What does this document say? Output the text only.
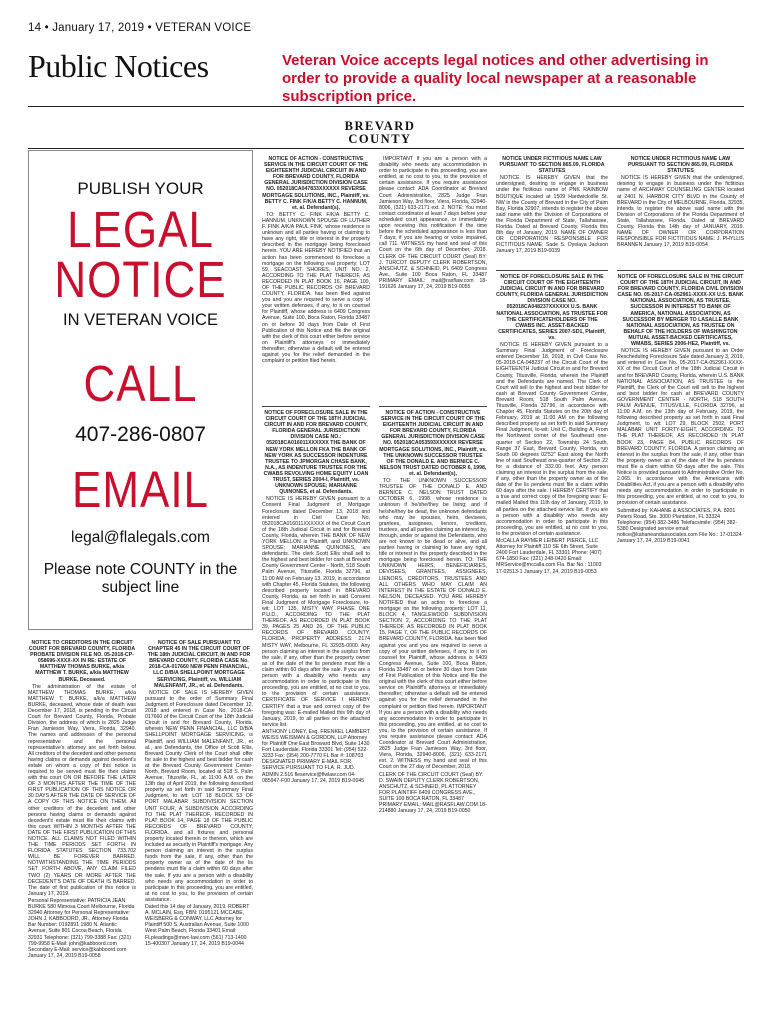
14 • January 17, 2019 • VETERAN VOICE
Public Notices	Veteran Voice accepts legal notices and other advertising in order to provide a quality local newspaper at a reasonable subscription price.
BREVARD
COUNTY
PUBLISH YOUR
LEGAL
NOTICE
IN VETERAN VOICE
CALL
407-286-0807
EMAIL
legal@flalegals.com
Please note COUNTY in the subject line
NOTICE TO CREDITORS IN THE CIRCUIT COURT FOR BREVARD COUNTY, FLORIDA PROBATE DIVISION FILE NO. 05-2018-CP-058696-XXXX-XX IN RE: ESTATE OF MATTHEW THOMAS BURKE, a/k/a MATTHEW T. BURKE, a/k/a MATTHEW BURKE, Deceased.

The administration of the estate of MATTHEW THOMAS BURKE, a/k/a MATTHEW T. BURKE, a/k/a MATTHEW BURKE, deceased, whose date of death was December 17, 2018, is pending in the Circuit Court for Brevard County, Florida, Probate Division, the address of which is 2825 Judge Fran Jamieson Way, Viera, Florida, 32940. The names and addresses of the personal representative and the personal representative's attorney are set forth below. All creditors of the decedent and other persons having claims or demands against decedent's estate on whom a copy of this notice is required to be served must file their claims with this court ON OR BEFORE THE LATER OF 3 MONTHS AFTER THE TIME OF THE FIRST PUBLICATION OF THIS NOTICE OR 30 DAYS AFTER THE DATE OF SERVICE OF A COPY OF THIS NOTICE ON THEM. All other creditors of the decedent and other persons having claims or demands against decedent's estate must file their claims with this court WITHIN 3 MONTHS AFTER THE DATE OF THE FIRST PUBLICATION OF THIS NOTICE. ALL CLAIMS NOT FILED WITHIN THE TIME PERIODS SET FORTH IN FLORIDA STATUTES SECTION 733.702 WILL BE FOREVER BARRED. NOTWITHSTANDING THE TIME PERIODS SET FORTH ABOVE, ANY CLAIM FILED TWO (2) YEARS OR MORE AFTER THE DECEDENT'S DATE OF DEATH IS BARRED. The date of first publication of this notice is January 17, 2019.

Personal Representative: PATRICIA JEAN BURKE 580 Mimosa Court Melbourne, Florida 32940 Attorney for Personal Representative: JOHN J. KABBOORD, JR., Attorney Florida Bar Number: 0192891 1980 N. Atlantic Avenue, Suite 801 Cocoa Beach, Florida 32931 Telephone: (321) 799-3388 Fax: (321) 799-9958 E-Mail: john@kabboord.com Secondary E-Mail: service@kabboord.com January 17, 24, 2019 B19-0058
NOTICE OF SALE PURSUANT TO CHAPTER 45 IN THE CIRCUIT COURT OF THE 18th JUDICIAL CIRCUIT, IN AND FOR BREVARD COUNTY, FLORIDA CASE No. 2018-CA-017660 NEW PENN FINANCIAL, LLC D/B/A SHELLPOINT MORTGAGE SERVICING, Plaintiff, vs. WILLIAM MALENFANT, JR., et. al. Defendants.

NOTICE OF SALE IS HEREBY GIVEN pursuant to the order of Summary Final Judgment of Foreclosure dated December 12, 2018 and entered in Case No. 2018-CA-017660 of the Circuit Court of the 18th Judicial Circuit in and for Brevard County, Florida, wherein NEW PENN FINANCIAL, LLC D/B/A SHELLPOINT MORTGAGE SERVICING, is Plaintiff, and WILLIAM MALENFANT, JR., et al., are Defendants, the Office of Scott Ellis, Brevard County Clerk of the Court shall offer for sale to the highest and best bidder for cash at the Brevard County Government Center-North, Brevard Room, located at 518 S. Palm Avenue, Titusville, FL, at 11:00 A.M. on the 13th day of April 2019, the following described property as set forth in said Summary Final Judgment, to wit: LOT 18 BLOCK 53 OF PORT MALABAR SUBDIVISION SECTION UNIT FOUR, A SUBDIVISION ACCORDING TO THE PLAT THEREOF, RECORDED IN PLAT BOOK 14, PAGE 18 OF THE PUBLIC RECORDS OF BREVARD COUNTY, FLORIDA. and all fixtures and personal property located therein or thereon, which are included as security in Plaintiff's mortgage. Any person claiming an interest in the surplus funds from the sale, if any, other than the property owner as of the date of the lis pendens must file a claim within 60 days after the sale. If you are a person with a disability who needs any accommodation in order to participate in this proceeding, you are entitled, at no cost to you, to the provision of certain assistance.

Dated this 14 day of January, 2019. ROBERT A. MCLAIN, Esq. FBN: 0195121 MCCABE, WEISBERG & CONWAY, LLC Attorney for Plaintiff 500 S. Australian Avenue, Suite 1000 West Palm Beach, Florida 33401 Email: FLpleadings@mwc-law.com (561) 713-1400 15-400307 January 17, 24, 2019 B19-0044
NOTICE OF ACTION - CONSTRUCTIVE SERVICE IN THE CIRCUIT COURT OF THE EIGHTEENTH JUDICIAL CIRCUIT IN AND FOR BREVARD COUNTY, FLORIDA GENERAL JURISDICTION DIVISION CASE NO. 052018CA047833XXXXXX REVERSE MORTGAGE SOLUTIONS, INC., Plaintiff, vs. BETTY C. FINK F/K/A BETTY C. HANNUM, et. al. Defendant(s),

TO: BETTY C. FINK F/K/A BETTY C. HANNUM. UNKNOWN SPOUSE OF LUTHER F. FINK A/K/A PAUL FINK. whose residence is unknown and all parties having or claiming to have any right, title or interest in the property described in the mortgage being foreclosed herein. YOU ARE HEREBY NOTIFIED that an action has been commenced to foreclose a mortgage on the following real property: LOT 59, SEACOAST SHORES, UNIT NO. 2, ACCORDING TO THE PLAT THEREOF, AS RECORDED IN PLAT BOOK 16, PAGE 100, OF THE PUBLIC RECORDS OF BREVARD COUNTY, FLORIDA. has been filed against you and you are required to serve a copy of your written defenses, if any, to it on counsel for Plaintiff, whose address is 6409 Congress Avenue, Suite 100, Boca Raton, Florida 33487 on or before 30 days from Date of First Publication of this Notice and file the original with the clerk of this court either before service on Plaintiff's attorneys or immediately thereafter; otherwise a default will be entered against you for the relief demanded in the complaint or petition filed herein.

NOTICE OF FORECLOSURE SALE IN THE CIRCUIT COURT OF THE 18TH JUDICIAL CIRCUIT IN AND FOR BREVARD COUNTY, FLORIDA GENERAL JURISDICTION DIVISION CASE NO.: 052018CA016011XXXXXX THE BANK OF NEW YORK MELLON FKA THE BANK OF NEW YORK AS SUCCESSOR INDENTURE TRUSTEE TO JPMORGAN CHASE BANK, N.A., AS INDENTURE TRUSTEE FOR THE CWABS REVOLVING HOME EQUITY LOAN TRUST, SERIES 2004-I, Plaintiff, vs. UNKNOWN SPOUSE; MARIANNE QUINONES, et al. Defendants.

NOTICE IS HEREBY GIVEN pursuant to a Consent Final Judgment of Mortgage Foreclosure dated December 13, 2018 and entered in Civil Case No. 052018CA016011XXXXXX of the Circuit Court of the 18th Judicial Circuit in and for Brevard County, Florida, wherein THE BANK OF NEW YORK MELLON is Plaintiff, and UNKNOWN SPOUSE; MARIANNE QUINONES, are defendants. The clerk Scott Ellis shall sell to the highest and best bidder for cash at Brevard County Government Center - North, 518 South Palm Avenue, Titusville, Florida 32796, at 11:00 AM on February 13, 2019, in accordance with Chapter 45, Florida Statutes, the following described property located in BREVARD County, Florida, as set forth in said Consent Final Judgment of Mortgage Foreclosure, to-wit: LOT 135, MISTY WAY PHASE ONE P.U.D., ACCORDING TO THE PLAT THEREOF, AS RECORDED IN PLAT BOOK 39, PAGES 25 AND 26, OF THE PUBLIC RECORDS OF BREVARD COUNTY, FLORIDA. PROPERTY ADDRESS: 2174 MISTY WAY, Melbourne, FL 32935-0000. Any person claiming an interest in the surplus from the sale, if any, other than the property owner as of the date of the lis pendens must file a claim within 60 days after the sale. If you are a person with a disability who needs any accommodation in order to participate in this proceeding, you are entitled, at no cost to you, to the provision of certain assistance. CERTIFICATE OF SERVICE I HEREBY CERTIFY that a true and correct copy of the foregoing was: E-mailed Mailed this 9th day of January, 2019, to all parties on the attached service list.

ANTHONY LONEY, Esq. FRENKEL LAMBERT WEISS WEISMAN & GORDON, LLP Attorney for Plaintiff One East Broward Blvd, Suite 1430 Fort Lauderdale, Florida 33301 Tel: (954) 522-3233 Fax: (954) 200-7770 FL Bar #: 108703 DESIGNATED PRIMARY E-MAIL FOR SERVICE PURSUANT TO FLA. R. JUD. ADMIN 2.516 fleservice@flwlaw.com 04-085947-F00 January 17, 24, 2019 B19-0045

IMPORTANT If you are a person with a disability who needs any accommodation in order to participate in this proceeding, you are entitled, at no cost to you, to the provision of certain assistance. If you require assistance please contact: ADA Coordinator at Brevard Court Administration, 2825 Judge Fran Jamieson Way, 3rd floor, Viera, Florida, 32940-8006, (321) 633-2171 ext. 2. NOTE: You must contact coordinator at least 7 days before your scheduled court appearance, or immediately upon receiving this notification if the time before the scheduled appearance is less than 7 days; if you are hearing or voice impaired, call 711. WITNESS my hand and seal of this Court on the 6th day of December, 2018. CLERK OF THE CIRCUIT COURT (Seal) BY: J. TURCOT DEPUTY CLERK ROBERTSON, ANSCHUTZ, & SCHNEID, PL 6409 Congress Ave., Suite 100 Boca Raton, FL 33487 PRIMARY EMAIL: mail@rasflaw.com 18-191626 January 17, 24, 2019 B19-0055

NOTICE OF ACTION - CONSTRUCTIVE SERVICE IN THE CIRCUIT COURT OF THE EIGHTEENTH JUDICIAL CIRCUIT IN AND FOR BREVARD COUNTY, FLORIDA GENERAL JURISDICTION DIVISION CASE NO. 052018CA053593XXXXXX REVERSE MORTGAGE SOLUTIONS, INC., Plaintiff, vs. THE UNKNOWN SUCCESSOR TRUSTEE OF THE DONALD E. AND BERNICE C. NELSON TRUST DATED OCTOBER 6, 1998, et. al. Defendant(s),

TO: THE UNKNOWN SUCCESSOR TRUSTEE OF THE DONALD E. AND BERNICE C. NELSON TRUST DATED OCTOBER 6, 1998. whose residence is unknown if he/she/they be living; and if he/she/they be dead, the unknown defendants who may be spouses, heirs, devisees, grantees, assignees, lienors, creditors, trustees, and all parties claiming an interest by, through, under or against the Defendants, who are not known to be dead or alive, and all parties having or claiming to have any right, title or interest in the property described in the mortgage being foreclosed herein. TO: THE UNKNOWN HEIRS, BENEFICIARIES, DEVISEES, GRANTEES, ASSIGNEES, LIENORS, CREDITORS, TRUSTEES AND ALL OTHERS WHO MAY CLAIM AN INTEREST IN THE ESTATE OF DONALD E. NELSON, DECEASED. YOU ARE HEREBY NOTIFIED that an action to foreclose a mortgage on the following property: LOT 11, BLOCK 4, TANGLEWOOD SUBDIVISION SECTION 2, ACCORDING TO THE PLAT THEREOF, AS RECORDED IN PLAT BOOK 15, PAGE 7, OF THE PUBLIC RECORDS OF BREVARD COUNTY, FLORIDA. has been filed against you and you are required to serve a copy of your written defenses, if any, to it on counsel for Plaintiff, whose address is 6409 Congress Avenue, Suite 100, Boca Raton, Florida 33487 on or before 30 days from Date of First Publication of this Notice and file the original with the clerk of this court either before service on Plaintiff's attorneys or immediately thereafter; otherwise a default will be entered against you for the relief demanded in the complaint or petition filed herein. IMPORTANT If you are a person with a disability who needs any accommodation in order to participate in this proceeding, you are entitled, at no cost to you, to the provision of certain assistance. If you require assistance please contact: ADA Coordinator at Brevard Court Administration, 2825 Judge Fran Jamieson Way, 3rd floor, Viera, Florida, 32940-8006, (321) 633-2171 ext. 2. WITNESS my hand and seal of this Court on the 27 day of December, 2018.

CLERK OF THE CIRCUIT COURT (Seal) BY: D. SWAIN DEPUTY CLERK ROBERTSON, ANSCHUTZ, & SCHNEID, PL ATTORNEY FOR PLAINTIFF 6409 CONGRESS AVE., SUITE 100 BOCA RATON, FL 33487 PRIMARY EMAIL: MAIL@RASFLAW.COM 18-214880 January 17, 24, 2019 B19-0050
NOTICE UNDER FICTITIOUS NAME LAW PURSUANT TO SECTION 865.09, FLORIDA STATUTES

NOTICE IS HEREBY GIVEN that the undersigned, desiring to engage in business under the fictitious name of PNK RAINBOW BOUTIQUE located at 1509 Hardwickville St. NW in the County of Brevard in the City of Palm Bay, Florida 32907, intends to register the above said name with the Division of Corporations of the Florida Department of State, Tallahassee, Florida. Dated at Brevard County, Florida this 8th day of January, 2019. NAME OF OWNER OR CORPORATION RESPONSIBLE FOR FICTITIOUS NAME: Sade S. Oyelaya Jackson January 17, 2019 B19-0039

NOTICE OF FORECLOSURE SALE IN THE CIRCUIT COURT OF THE EIGHTEENTH JUDICIAL CIRCUIT IN AND FOR BREVARD COUNTY, FLORIDA GENERAL JURISDICTION DIVISION CASE NO. 052018CA048237XXXXXX U.S. BANK NATIONAL ASSOCIATION, AS TRUSTEE FOR THE CERTIFICATEHOLDERS OF THE CWABS INC. ASSET-BACKED CERTIFICATES, SERIES 2007-SD1, Plaintiff, vs.

NOTICE IS HEREBY GIVEN pursuant to a Summary Final Judgment of Foreclosure entered December 18, 2018, in Civil Case No. 05-2018-CA-048237 of the Circuit Court of the EIGHTEENTH Judicial Circuit in and for Brevard County, Titusville, Florida, wherein the Plaintiff and the Defendants are named. The Clerk of Court will sell to the highest and best bidder for cash at Brevard County Government Center, Brevard Room, 518 South Palm Avenue, Titusville, Florida 32796, in accordance with Chapter 45, Florida Statutes on the 20th day of February, 2019 at 11:00 AM on the following described property as set forth in said Summary Final Judgment, to-wit: Unit C, Building A, From the Northwest corner of the Southeast one-quarter of Section 22, Township 24 South, Range 37 East, Brevard County, Florida, run South 00 degrees 02'52" East along the North line of said Southeast one-quarter of Section 22 for a distance of 332.00 feet. Any person claiming an interest in the surplus from the sale, if any, other than the property owner as of the date of the lis pendens must file a claim within 60 days after the sale. I HEREBY CERTIFY that a true and correct copy of the foregoing was: E-mailed Mailed this 11th day of January, 2019, to all parties on the attached service list. If you are a person with a disability who needs any accommodation in order to participate in this proceeding, you are entitled, at no cost to you, to the provision of certain assistance.

McCALLA RAYMER LEIBERT PIERCE, LLC Attorney for Plaintiff 110 SE 6th Street, Suite 2400 Fort Lauderdale, FL 33301 Phone: (407) 674-1850 Fax: (321) 248-0420 Email: MRService@mccalla.com Fla. Bar No.: 11003 17-02513-1 January 17, 24, 2019 B19-0053
NOTICE UNDER FICTITIOUS NAME LAW PURSUANT TO SECTION 865.09, FLORIDA STATUTES

NOTICE IS HEREBY GIVEN that the undersigned, desiring to engage in business under the fictitious name of ARCHWAY COUNSELING CENTER located at 2401 N. HARBOR CITY BLVD in the County of BREVARD in the City of MELBOURNE, Florida, 32935, intends to register the above said name with the Division of Corporations of the Florida Department of State, Tallahassee, Florida. Dated at BREVARD County, Florida this 14th day of JANUARY, 2019. NAME OF OWNER OR CORPORATION RESPONSIBLE FOR FICTITIOUS NAME: J. PHYLLIS BRANNEN January 17, 2019 B19-0054

NOTICE OF FORECLOSURE SALE IN THE CIRCUIT COURT OF THE 18TH JUDICIAL CIRCUIT, IN AND FOR BREVARD COUNTY, FLORIDA CIVIL DIVISION CASE NO. 05-2017-CA-052961-XXXX-XX U.S. BANK NATIONAL ASSOCIATION, AS TRUSTEE, SUCCESSOR IN INTEREST TO BANK OF AMERICA, NATIONAL ASSOCIATION, AS SUCCESSOR BY MERGER TO LASALLE BANK NATIONAL ASSOCIATION, AS TRUSTEE ON BEHALF OF THE HOLDERS OF WASHINGTON MUTUAL ASSET-BACKED CERTIFICATES, WMABS, SERIES 2006-HE2, Plaintiff, vs.

NOTICE IS HEREBY GIVEN pursuant to an Order Rescheduling Foreclosure Sale dated January 3, 2019, and entered in Case No. 05-2017-CA-052961-XXXX-XX of the Circuit Court of the 18th Judicial Circuit in and for BREVARD County, Florida, wherein U.S. BANK NATIONAL ASSOCIATION, AS TRUSTEE is the Plaintiff, the Clerk of the Court will sell to the highest and best bidder for cash at BREVARD COUNTY GOVERNMENT CENTER - NORTH, 518 SOUTH PALM AVENUE, TITUSVILLE, FLORIDA 32796, at 11:00 A.M. on the 13th day of February, 2019, the following described property as set forth in said Final Judgment, to wit: LOT 29, BLOCK 2502, PORT MALABAR UNIT FORTY-EIGHT, ACCORDING TO THE PLAT THEREOF, AS RECORDED IN PLAT BOOK 23, PAGE 84, PUBLIC RECORDS OF BREVARD COUNTY, FLORIDA. A person claiming an interest in the surplus from the sale, if any, other than the property owner as of the date of the lis pendens must file a claim within 60 days after the sale. This Notice is provided pursuant to Administrative Order No. 2.065. In accordance with the Americans with Disabilities Act, if you are a person with a disability who needs any accommodation in order to participate in this proceeding, you are entitled, at no cost to you, to provision of certain assistance.

Submitted by: KAHANE & ASSOCIATES, P.A. 8201 Peters Road, Ste. 3000 Plantation, FL 33324 Telephone: (954) 382-3486 Telefacsimile: (954) 382-5380 Designated service email: notice@kahaneandassociates.com File No.: 17-01324 January 17, 24, 2019 B19-0041
